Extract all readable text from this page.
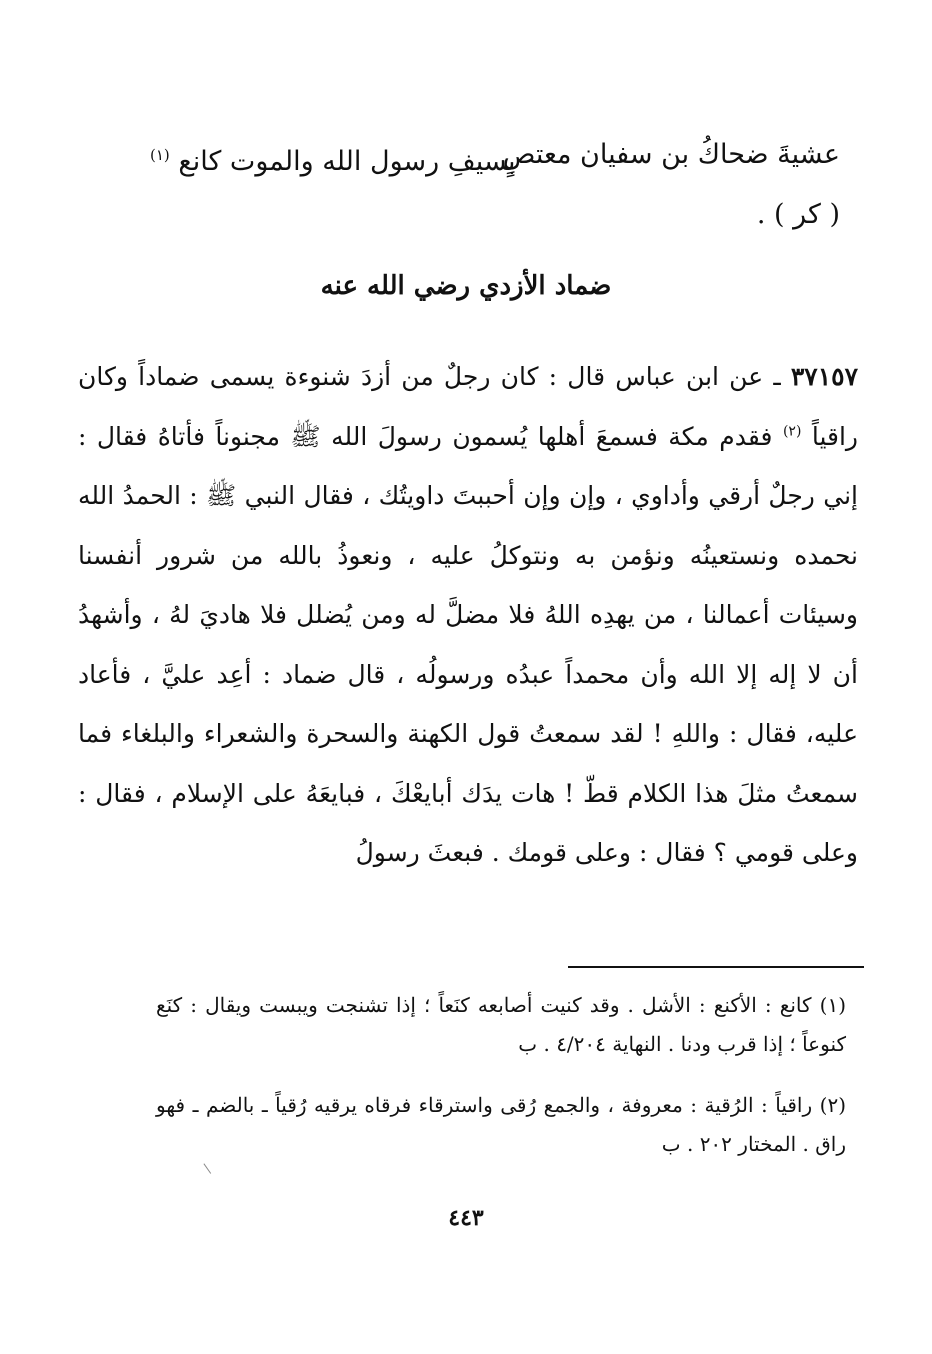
عشيةَ ضحاكُ بن سفيان معتصٍ
بسيفِ رسول الله والموت كانع $^{(١)}$
( كر ) .
ضماد الأزدي رضي الله عنه
٣٧١٥٧ ـ عن ابن عباس قال : كان رجلٌ من أزدَ شنوءة يسمى ضماداً وكان راقياً $^{(٢)}$ فقدم مكة فسمعَ أهلها يُسمون رسولَ الله ﷺ مجنوناً فأتاهُ فقال : إني رجلٌ أرقي وأداوي ، وإن وإن أحببتَ داويتُك ، فقال النبي ﷺ : الحمدُ الله نحمده ونستعينُه ونؤمن به ونتوكلُ عليه ، ونعوذُ بالله من شرور أنفسنا وسيئات أعمالنا ، من يهدِه اللهُ فلا مضلَّ له ومن يُضلل فلا هاديَ لهُ ، وأشهدُ أن لا إله إلا الله وأن محمداً عبدُه ورسولُه ، قال ضماد : أعِد عليَّ ، فأعاد عليه، فقال : واللهِ ! لقد سمعتُ قول الكهنة والسحرة والشعراء والبلغاء فما سمعتُ مثلَ هذا الكلام قطّ ! هات يدَك أبايعْكَ ، فبايعَهُ على الإسلام ، فقال : وعلى قومي ؟ فقال : وعلى قومك . فبعثَ رسولُ
(١) كانع : الأكنع : الأشل . وقد كنيت أصابعه كنَعاً ؛ إذا تشنجت ويبست ويقال : كنَع كنوعاً ؛ إذا قرب ودنا . النهاية ٤/٢٠٤ . ب
(٢) راقياً : الرُقية : معروفة ، والجمع رُقى واسترقاء فرقاه يرقيه رُقياً ـ بالضم ـ فهو راق . المختار ٢٠٢ . ب
٤٤٣
